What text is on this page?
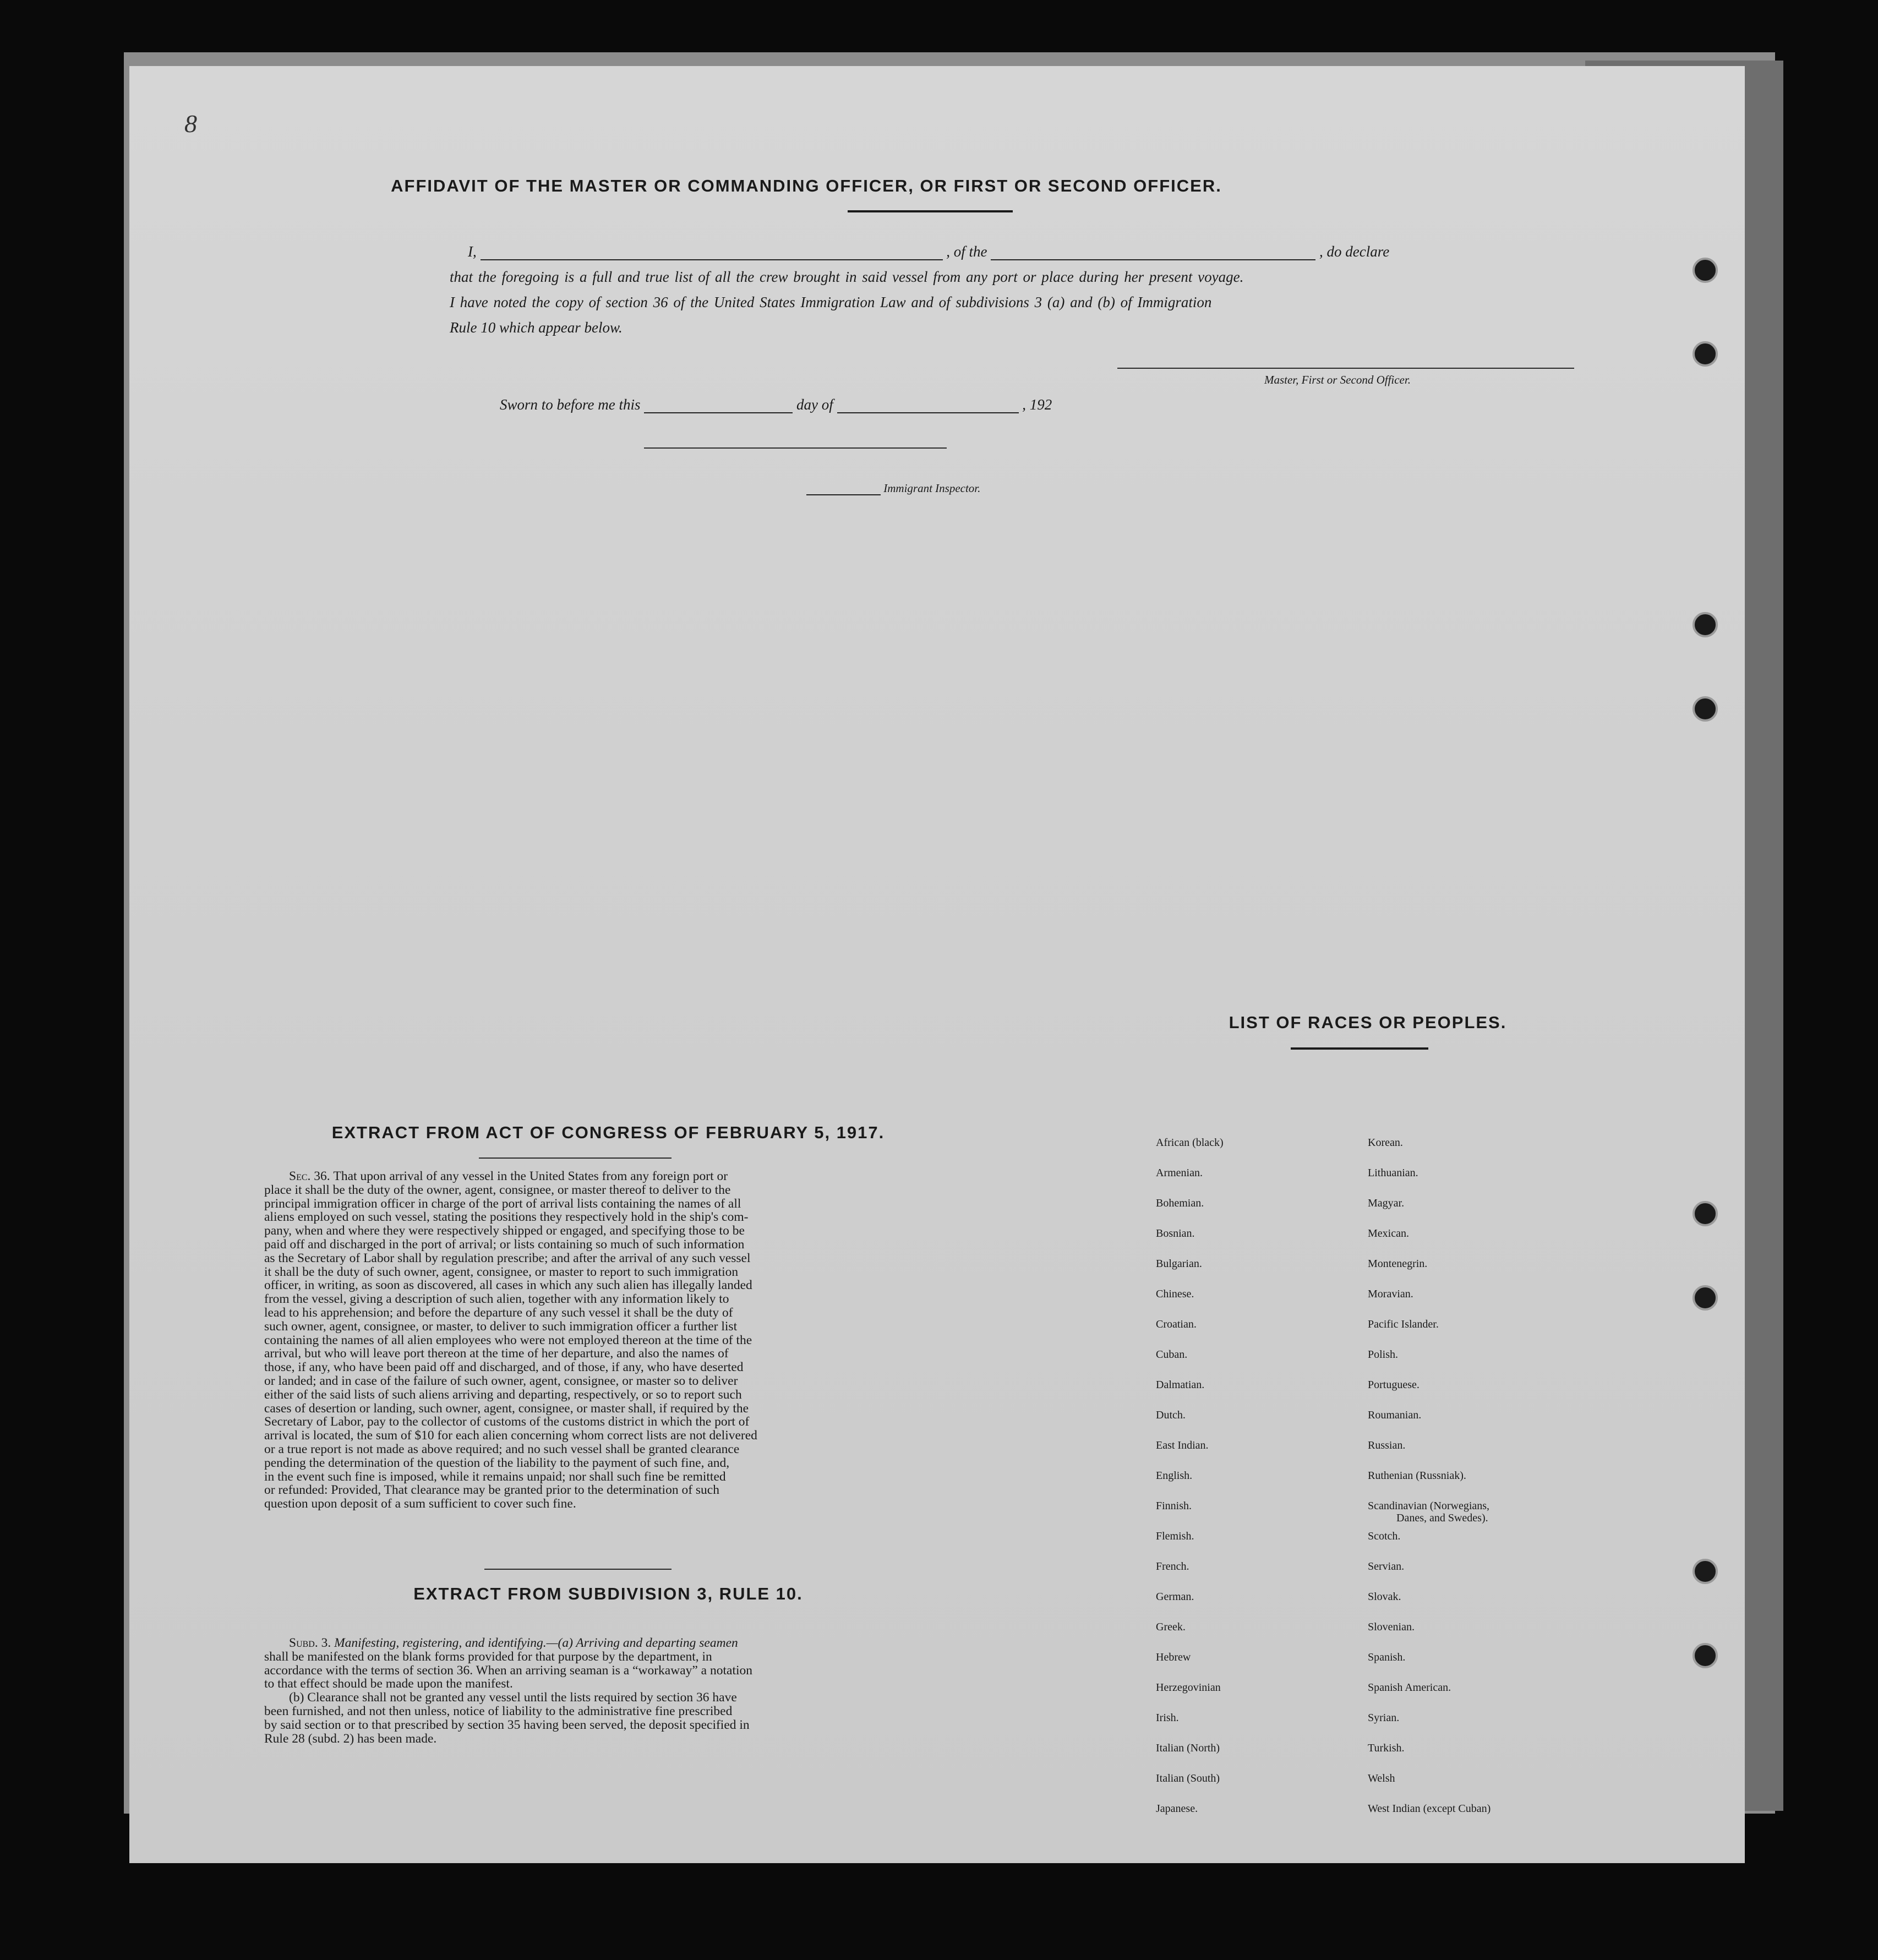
8
AFFIDAVIT OF THE MASTER OR COMMANDING OFFICER, OR FIRST OR SECOND OFFICER.
I,	, of the	, do declare
that the foregoing is a full and true list of all the crew brought in said vessel from any port or place during her present voyage.
I have noted the copy of section 36 of the United States Immigration Law and of subdivisions 3 (a) and (b) of Immigration
Rule 10 which appear below.
Master, First or Second Officer.
Sworn to before me this	day of	, 192
Immigrant Inspector.
EXTRACT FROM ACT OF CONGRESS OF FEBRUARY 5, 1917.
Sec. 36. That upon arrival of any vessel in the United States from any foreign port or
place it shall be the duty of the owner, agent, consignee, or master thereof to deliver to the
principal immigration officer in charge of the port of arrival lists containing the names of all
aliens employed on such vessel, stating the positions they respectively hold in the ship's com-
pany, when and where they were respectively shipped or engaged, and specifying those to be
paid off and discharged in the port of arrival; or lists containing so much of such information
as the Secretary of Labor shall by regulation prescribe; and after the arrival of any such vessel
it shall be the duty of such owner, agent, consignee, or master to report to such immigration
officer, in writing, as soon as discovered, all cases in which any such alien has illegally landed
from the vessel, giving a description of such alien, together with any information likely to
lead to his apprehension; and before the departure of any such vessel it shall be the duty of
such owner, agent, consignee, or master, to deliver to such immigration officer a further list
containing the names of all alien employees who were not employed thereon at the time of the
arrival, but who will leave port thereon at the time of her departure, and also the names of
those, if any, who have been paid off and discharged, and of those, if any, who have deserted
or landed; and in case of the failure of such owner, agent, consignee, or master so to deliver
either of the said lists of such aliens arriving and departing, respectively, or so to report such
cases of desertion or landing, such owner, agent, consignee, or master shall, if required by the
Secretary of Labor, pay to the collector of customs of the customs district in which the port of
arrival is located, the sum of $10 for each alien concerning whom correct lists are not delivered
or a true report is not made as above required; and no such vessel shall be granted clearance
pending the determination of the question of the liability to the payment of such fine, and,
in the event such fine is imposed, while it remains unpaid; nor shall such fine be remitted
or refunded: Provided, That clearance may be granted prior to the determination of such
question upon deposit of a sum sufficient to cover such fine.
EXTRACT FROM SUBDIVISION 3, RULE 10.
Subd. 3. Manifesting, registering, and identifying.—(a) Arriving and departing seamen
shall be manifested on the blank forms provided for that purpose by the department, in
accordance with the terms of section 36. When an arriving seaman is a “workaway” a notation
to that effect should be made upon the manifest.
(b) Clearance shall not be granted any vessel until the lists required by section 36 have
been furnished, and not then unless, notice of liability to the administrative fine prescribed
by said section or to that prescribed by section 35 having been served, the deposit specified in
Rule 28 (subd. 2) has been made.
LIST OF RACES OR PEOPLES.
African (black)
Armenian.
Bohemian.
Bosnian.
Bulgarian.
Chinese.
Croatian.
Cuban.
Dalmatian.
Dutch.
East Indian.
English.
Finnish.
Flemish.
French.
German.
Greek.
Hebrew
Herzegovinian
Irish.
Italian (North)
Italian (South)
Japanese.
Korean.
Lithuanian.
Magyar.
Mexican.
Montenegrin.
Moravian.
Pacific Islander.
Polish.
Portuguese.
Roumanian.
Russian.
Ruthenian (Russniak).
Scandinavian (Norwegians,
Danes, and Swedes).
Scotch.
Servian.
Slovak.
Slovenian.
Spanish.
Spanish American.
Syrian.
Turkish.
Welsh
West Indian (except Cuban)
